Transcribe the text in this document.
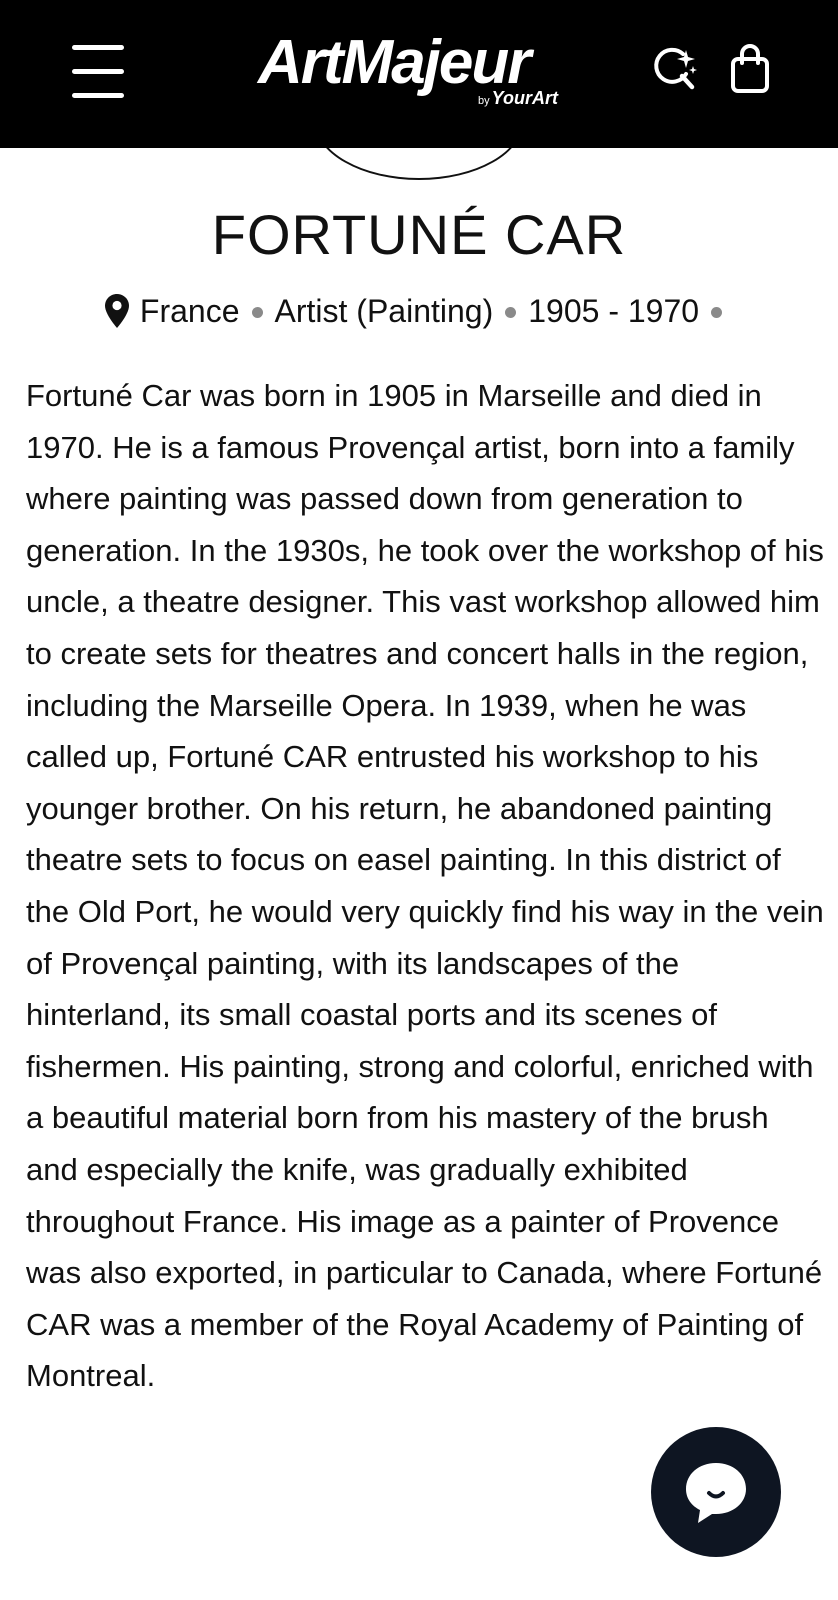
ArtMajeur
by YourArt
FORTUNÉ CAR
France Artist (Painting) 1905 - 1970

Fortuné Car was born in 1905 in Marseille and died in 1970. He is a famous Provençal artist, born into a family where painting was passed down from generation to generation. In the 1930s, he took over the workshop of his uncle, a theatre designer. This vast workshop allowed him to create sets for theatres and concert halls in the region, including the Marseille Opera. In 1939, when he was called up, Fortuné CAR entrusted his workshop to his younger brother. On his return, he abandoned painting theatre sets to focus on easel painting. In this district of the Old Port, he would very quickly find his way in the vein of Provençal painting, with its landscapes of the hinterland, its small coastal ports and its scenes of fishermen. His painting, strong and colorful, enriched with a beautiful material born from his mastery of the brush and especially the knife, was gradually exhibited throughout France. His image as a painter of Provence was also exported, in particular to Canada, where Fortuné CAR was a member of the Royal Academy of Painting of Montreal.
